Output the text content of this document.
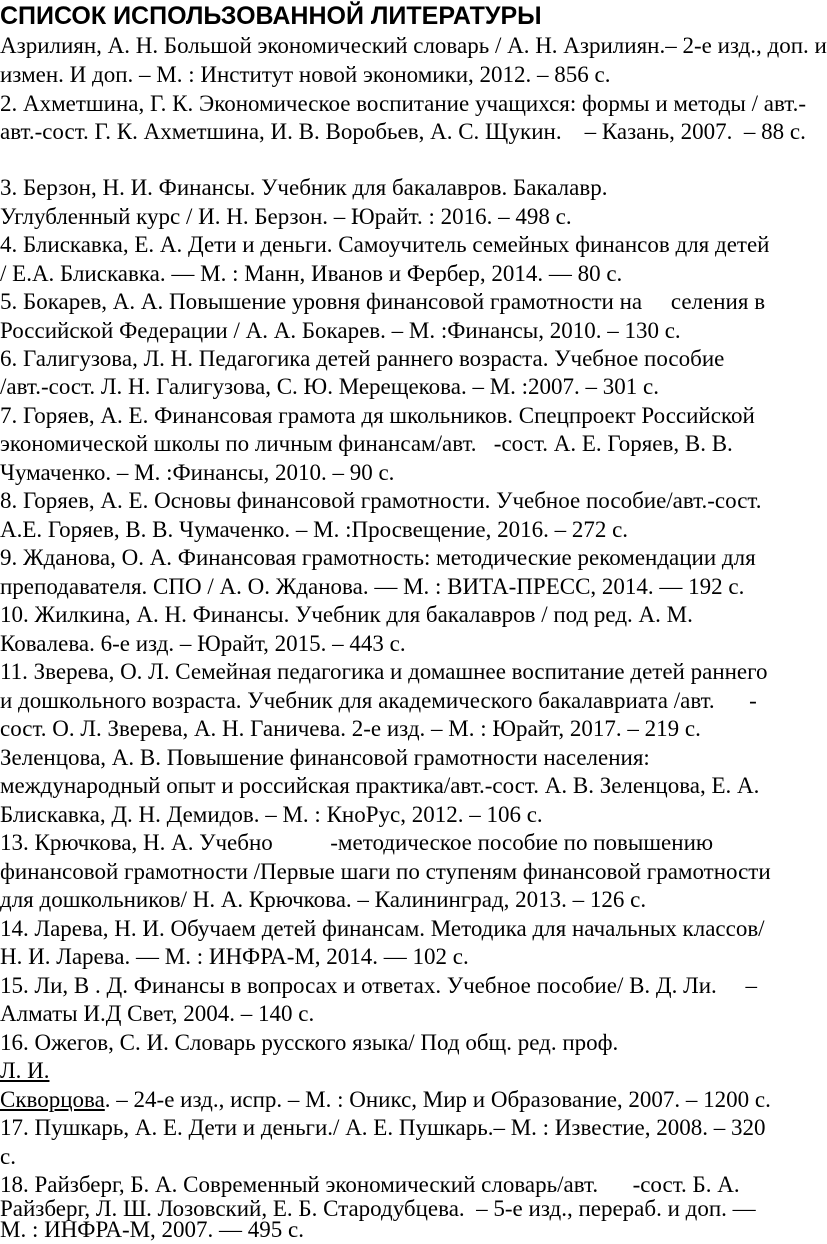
СПИСОК ИСПОЛЬЗОВАННОЙ ЛИТЕРАТУРЫ

Азрилиян, А. Н. Большой экономический словарь / А. Н. Азрилиян.– 2-е изд., доп. и

измен. И доп. – М. : Институт новой экономики, 2012. – 856 с.

2. Ахметшина, Г. К. Экономическое воспитание учащихся: формы и методы / авт.-

авт.-сост. Г. К. Ахметшина, И. В. Воробьев, А. С. Щукин.    – Казань, 2007.  – 88 с.

3. Берзон, Н. И. Финансы. Учебник для бакалавров. Бакалавр.

Углубленный курс / И. Н. Берзон. – Юрайт. : 2016. – 498 с.

4. Блискавка, Е. А. Дети и деньги. Самоучитель семейных финансов для детей

/ Е.А. Блискавка. — М. : Манн, Иванов и Фербер, 2014. — 80 с.

5. Бокарев, А. А. Повышение уровня финансовой грамотности на     селения в

Российской Федерации / А. А. Бокарев. – М. :Финансы, 2010. – 130 с.

6. Галигузова, Л. Н. Педагогика детей раннего возраста. Учебное пособие

/авт.-сост. Л. Н. Галигузова, С. Ю. Мерещекова. – М. :2007. – 301 с.

7. Горяев, А. Е. Финансовая грамота дя школьников. Спецпроект Российской

экономической школы по личным финансам/авт.   -сост. А. Е. Горяев, В. В.

Чумаченко. – М. :Финансы, 2010. – 90 с.

8. Горяев, А. Е. Основы финансовой грамотности. Учебное пособие/авт.-сост.

А.Е. Горяев, В. В. Чумаченко. – М. :Просвещение, 2016. – 272 с.

9. Жданова, О. А. Финансовая грамотность: методические рекомендации для

преподавателя. СПО / А. О. Жданова. — М. : ВИТА-ПРЕСС, 2014. — 192 с.

10. Жилкина, А. Н. Финансы. Учебник для бакалавров / под ред. А. М.

Ковалева. 6-е изд. – Юрайт, 2015. – 443 с.

11. Зверева, О. Л. Семейная педагогика и домашнее воспитание детей раннего

и дошкольного возраста. Учебник для академического бакалавриата /авт.      -

сост. О. Л. Зверева, А. Н. Ганичева. 2-е изд. – М. : Юрайт, 2017. – 219 с.

Зеленцова, А. В. Повышение финансовой грамотности населения:

международный опыт и российская практика/авт.-сост. А. В. Зеленцова, Е. А.

Блискавка, Д. Н. Демидов. – М. : КноРус, 2012. – 106 с.

13. Крючкова, Н. А. Учебно          -методическое пособие по повышению

финансовой грамотности /Первые шаги по ступеням финансовой грамотности

для дошкольников/ Н. А. Крючкова. – Калининград, 2013. – 126 с.

14. Ларева, Н. И. Обучаем детей финансам. Методика для начальных классов/

Н. И. Ларева. — М. : ИНФРА-М, 2014. — 102 с.

15. Ли, В . Д. Финансы в вопросах и ответах. Учебное пособие/ В. Д. Ли.     –

Алматы И.Д Свет, 2004. – 140 с.

16. Ожегов, С. И. Словарь русского языка/ Под общ. ред. проф.

Л. И.

Скворцова. – 24-е изд., испр. – М. : Оникс, Мир и Образование, 2007. – 1200 с.

17. Пушкарь, А. Е. Дети и деньги./ А. Е. Пушкарь.– М. : Известие, 2008. – 320

с.

18. Райзберг, Б. А. Современный экономический словарь/авт.      -сост. Б. А.

Райзберг, Л. Ш. Лозовский, Е. Б. Стародубцева.  – 5-е изд., перераб. и доп. —

М. : ИНФРА-М, 2007. — 495 с.
